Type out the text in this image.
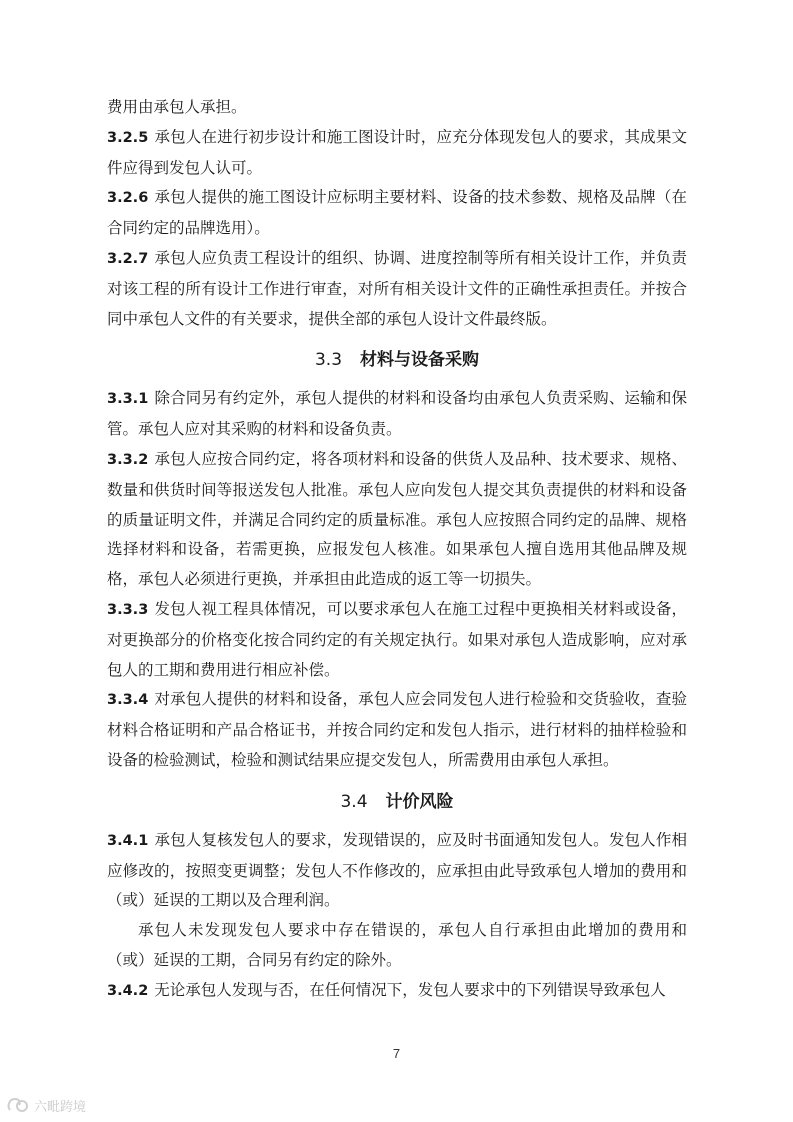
费用由承包人承担。

3.2.5 承包人在进行初步设计和施工图设计时，应充分体现发包人的要求，其成果文件应得到发包人认可。

3.2.6 承包人提供的施工图设计应标明主要材料、设备的技术参数、规格及品牌（在合同约定的品牌选用）。

3.2.7 承包人应负责工程设计的组织、协调、进度控制等所有相关设计工作，并负责对该工程的所有设计工作进行审查，对所有相关设计文件的正确性承担责任。并按合同中承包人文件的有关要求，提供全部的承包人设计文件最终版。

3.3 材料与设备采购

3.3.1 除合同另有约定外，承包人提供的材料和设备均由承包人负责采购、运输和保管。承包人应对其采购的材料和设备负责。

3.3.2 承包人应按合同约定，将各项材料和设备的供货人及品种、技术要求、规格、数量和供货时间等报送发包人批准。承包人应向发包人提交其负责提供的材料和设备的质量证明文件，并满足合同约定的质量标准。承包人应按照合同约定的品牌、规格选择材料和设备，若需更换，应报发包人核准。如果承包人擅自选用其他品牌及规格，承包人必须进行更换，并承担由此造成的返工等一切损失。

3.3.3 发包人视工程具体情况，可以要求承包人在施工过程中更换相关材料或设备，对更换部分的价格变化按合同约定的有关规定执行。如果对承包人造成影响，应对承包人的工期和费用进行相应补偿。

3.3.4 对承包人提供的材料和设备，承包人应会同发包人进行检验和交货验收，查验材料合格证明和产品合格证书，并按合同约定和发包人指示，进行材料的抽样检验和设备的检验测试，检验和测试结果应提交发包人，所需费用由承包人承担。

3.4 计价风险

3.4.1 承包人复核发包人的要求，发现错误的，应及时书面通知发包人。发包人作相应修改的，按照变更调整；发包人不作修改的，应承担由此导致承包人增加的费用和（或）延误的工期以及合理利润。

承包人未发现发包人要求中存在错误的，承包人自行承担由此增加的费用和（或）延误的工期，合同另有约定的除外。

3.4.2 无论承包人发现与否，在任何情况下，发包人要求中的下列错误导致承包人

7
六毗跨境
